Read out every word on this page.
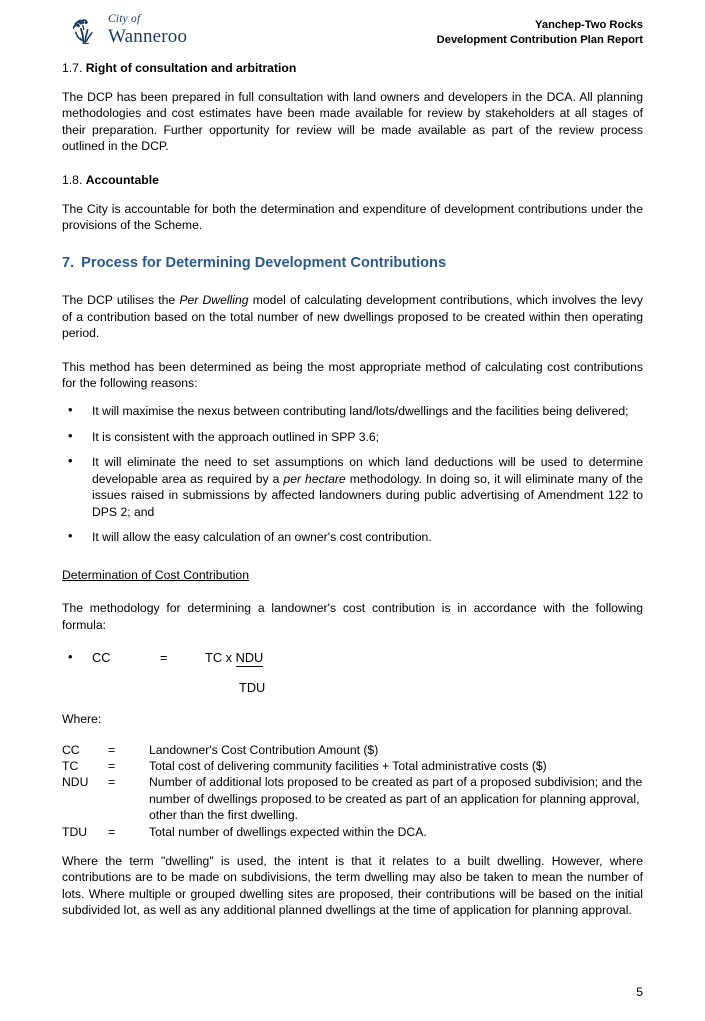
City of
Wanneroo
Yanchep-Two Rocks
Development Contribution Plan Report
1.7. Right of consultation and arbitration

The DCP has been prepared in full consultation with land owners and developers in the DCA. All planning methodologies and cost estimates have been made available for review by stakeholders at all stages of their preparation. Further opportunity for review will be made available as part of the review process outlined in the DCP.

1.8. Accountable

The City is accountable for both the determination and expenditure of development contributions under the provisions of the Scheme.

7. Process for Determining Development Contributions

The DCP utilises the Per Dwelling model of calculating development contributions, which involves the levy of a contribution based on the total number of new dwellings proposed to be created within then operating period.

This method has been determined as being the most appropriate method of calculating cost contributions for the following reasons:

• It will maximise the nexus between contributing land/lots/dwellings and the facilities being delivered;
• It is consistent with the approach outlined in SPP 3.6;
• It will eliminate the need to set assumptions on which land deductions will be used to determine developable area as required by a per hectare methodology. In doing so, it will eliminate many of the issues raised in submissions by affected landowners during public advertising of Amendment 122 to DPS 2; and
• It will allow the easy calculation of an owner's cost contribution.
Determination of Cost Contribution

The methodology for determining a landowner's cost contribution is in accordance with the following formula:

• CC	=	TC x NDU
TDU
Where:
CC	=	Landowner's Cost Contribution Amount ($)
TC	=	Total cost of delivering community facilities + Total administrative costs ($)
NDU	=	Number of additional lots proposed to be created as part of a proposed subdivision; and the number of dwellings proposed to be created as part of an application for planning approval, other than the first dwelling.
TDU	=	Total number of dwellings expected within the DCA.

Where the term "dwelling" is used, the intent is that it relates to a built dwelling. However, where contributions are to be made on subdivisions, the term dwelling may also be taken to mean the number of lots. Where multiple or grouped dwelling sites are proposed, their contributions will be based on the initial subdivided lot, as well as any additional planned dwellings at the time of application for planning approval.

5
